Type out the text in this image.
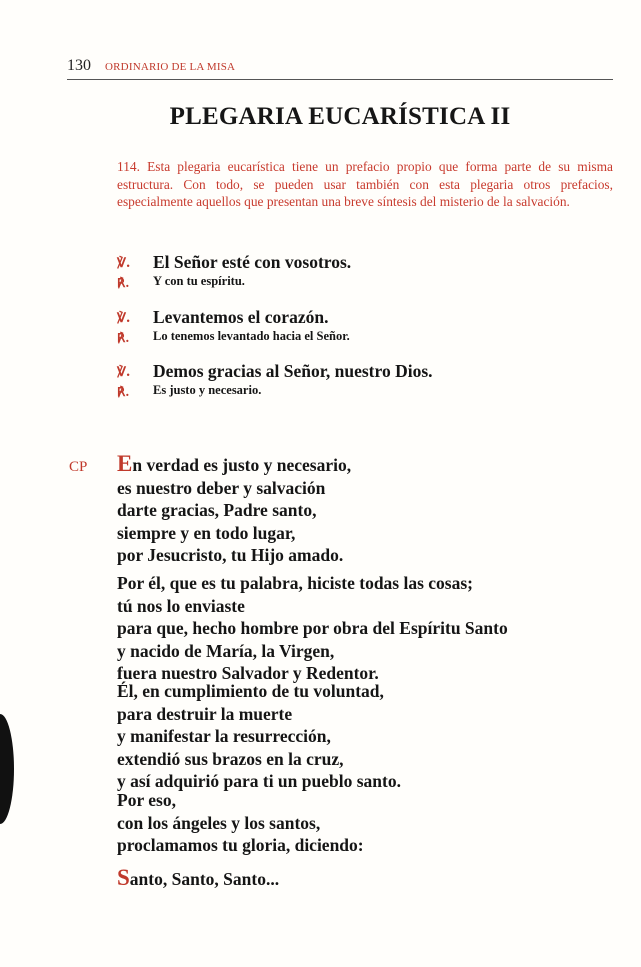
130 ORDINARIO DE LA MISA
PLEGARIA EUCARÍSTICA II
114. Esta plegaria eucarística tiene un prefacio propio que forma parte de su misma estructura. Con todo, se pueden usar también con esta plegaria otros prefacios, especialmente aquellos que presentan una breve síntesis del misterio de la salvación.
℣. El Señor esté con vosotros.
℟. Y con tu espíritu.
℣. Levantemos el corazón.
℟. Lo tenemos levantado hacia el Señor.
℣. Demos gracias al Señor, nuestro Dios.
℟. Es justo y necesario.
CP En verdad es justo y necesario,
es nuestro deber y salvación
darte gracias, Padre santo,
siempre y en todo lugar,
por Jesucristo, tu Hijo amado.
Por él, que es tu palabra, hiciste todas las cosas;
tú nos lo enviaste
para que, hecho hombre por obra del Espíritu Santo
y nacido de María, la Virgen,
fuera nuestro Salvador y Redentor.
Él, en cumplimiento de tu voluntad,
para destruir la muerte
y manifestar la resurrección,
extendió sus brazos en la cruz,
y así adquirió para ti un pueblo santo.
Por eso,
con los ángeles y los santos,
proclamamos tu gloria, diciendo:
Santo, Santo, Santo...
